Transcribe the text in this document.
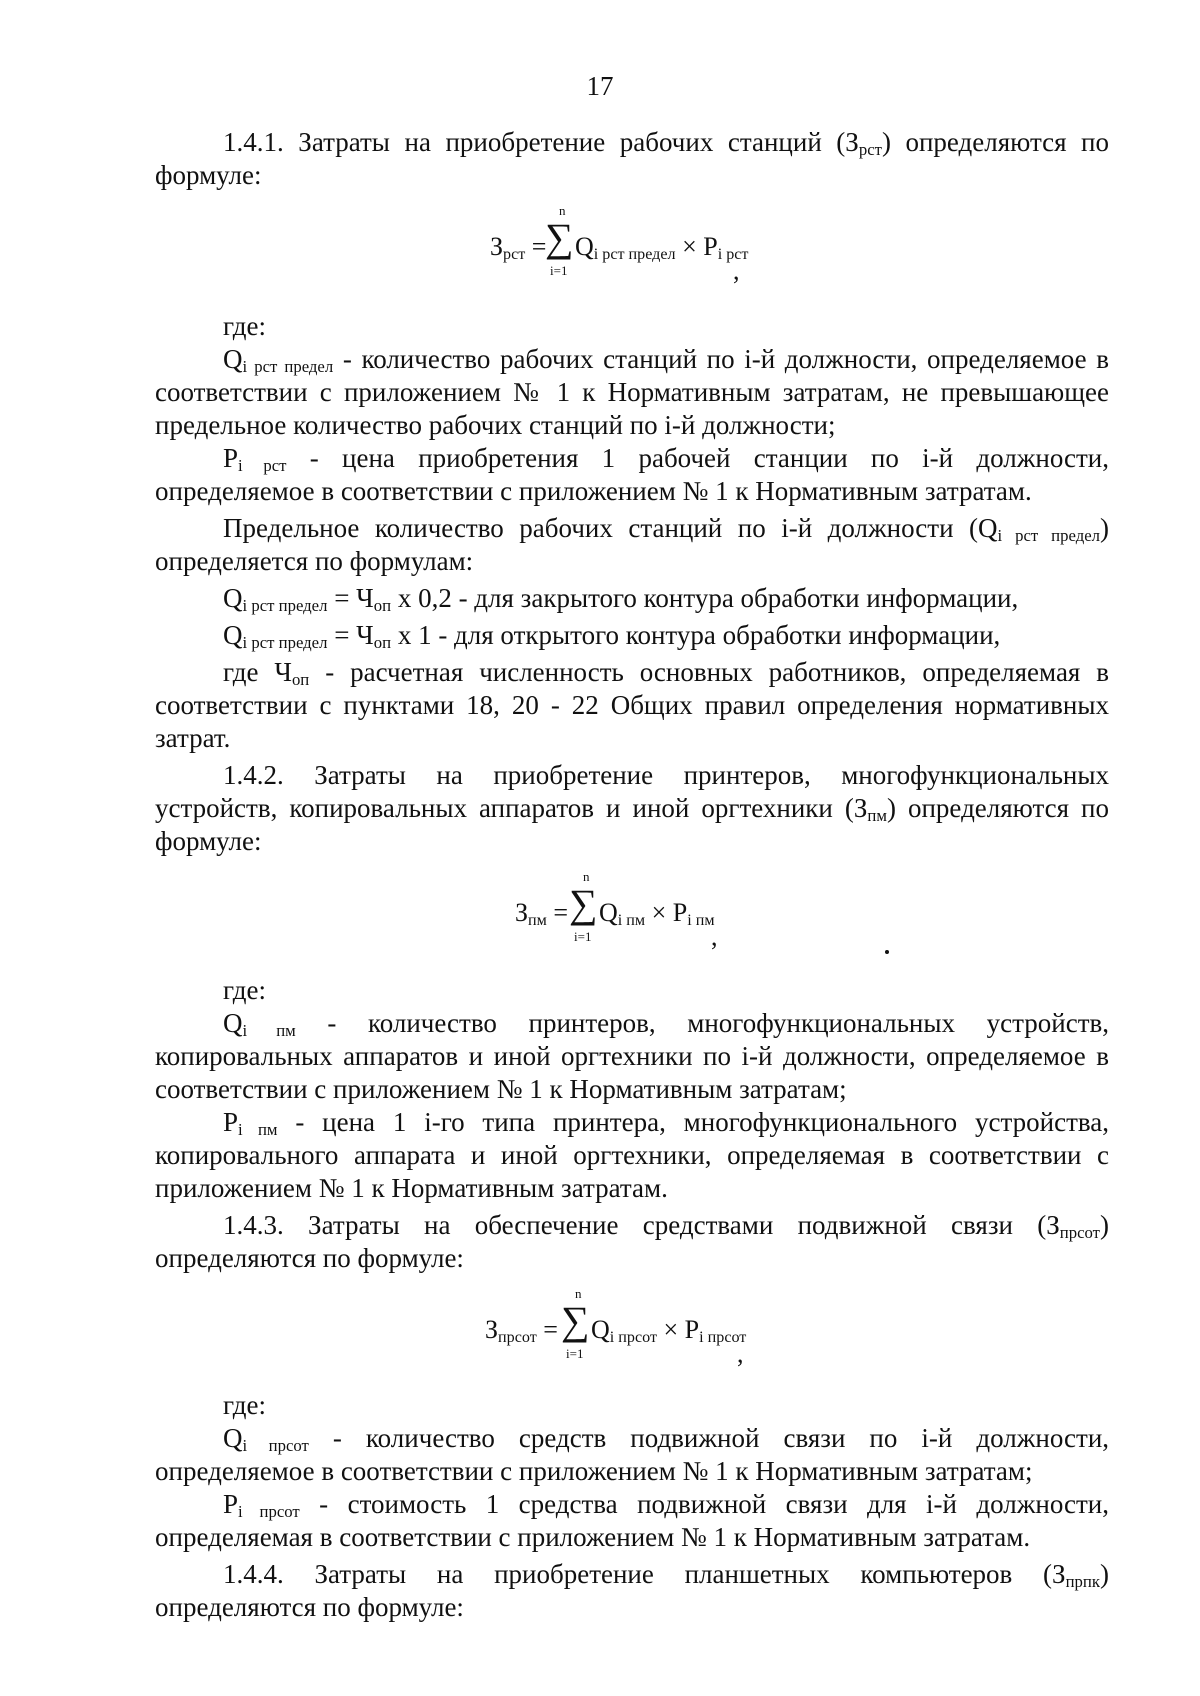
17

1.4.1. Затраты на приобретение рабочих станций $(З_{рст})$ определяются по формуле:

$З_{рст}$ =
n
∑
i=1
$Q_{i рст предел} \times P_{i рст}$
,

где:

$Q_{i рст предел}$ - количество рабочих станций по i-й должности, определяемое в соответствии с приложением № 1 к Нормативным затратам, не превышающее предельное количество рабочих станций по i-й должности;

$P_{i рст}$ - цена приобретения 1 рабочей станции по i-й должности, определяемое в соответствии с приложением № 1 к Нормативным затратам.

Предельное количество рабочих станций по i-й должности $(Q_{i рст предел})$ определяется по формулам:

$Q_{i рст предел} = Ч_{оп}$ х 0,2 - для закрытого контура обработки информации,

$Q_{i рст предел} = Ч_{оп}$ х 1 - для открытого контура обработки информации,

где $Ч_{оп}$ - расчетная численность основных работников, определяемая в соответствии с пунктами 18, 20 - 22 Общих правил определения нормативных затрат.

1.4.2. Затраты на приобретение принтеров, многофункциональных устройств, копировальных аппаратов и иной оргтехники $(З_{пм})$ определяются по формуле:

$З_{пм}$ =
n
∑
i=1
$Q_{i пм} \times P_{i пм}$
,

где:

$Q_{i пм}$ - количество принтеров, многофункциональных устройств, копировальных аппаратов и иной оргтехники по i-й должности, определяемое в соответствии с приложением № 1 к Нормативным затратам;

$P_{i пм}$ - цена 1 i-го типа принтера, многофункционального устройства, копировального аппарата и иной оргтехники, определяемая в соответствии с приложением № 1 к Нормативным затратам.

1.4.3. Затраты на обеспечение средствами подвижной связи $(З_{прсот})$ определяются по формуле:

$З_{прсот}$ =
n
∑
i=1
$Q_{i прсот} \times P_{i прсот}$
,

где:

$Q_{i прсот}$ - количество средств подвижной связи по i-й должности, определяемое в соответствии с приложением № 1 к Нормативным затратам;

$P_{i прсот}$ - стоимость 1 средства подвижной связи для i-й должности, определяемая в соответствии с приложением № 1 к Нормативным затратам.

1.4.4. Затраты на приобретение планшетных компьютеров $(З_{прпк})$ определяются по формуле:
